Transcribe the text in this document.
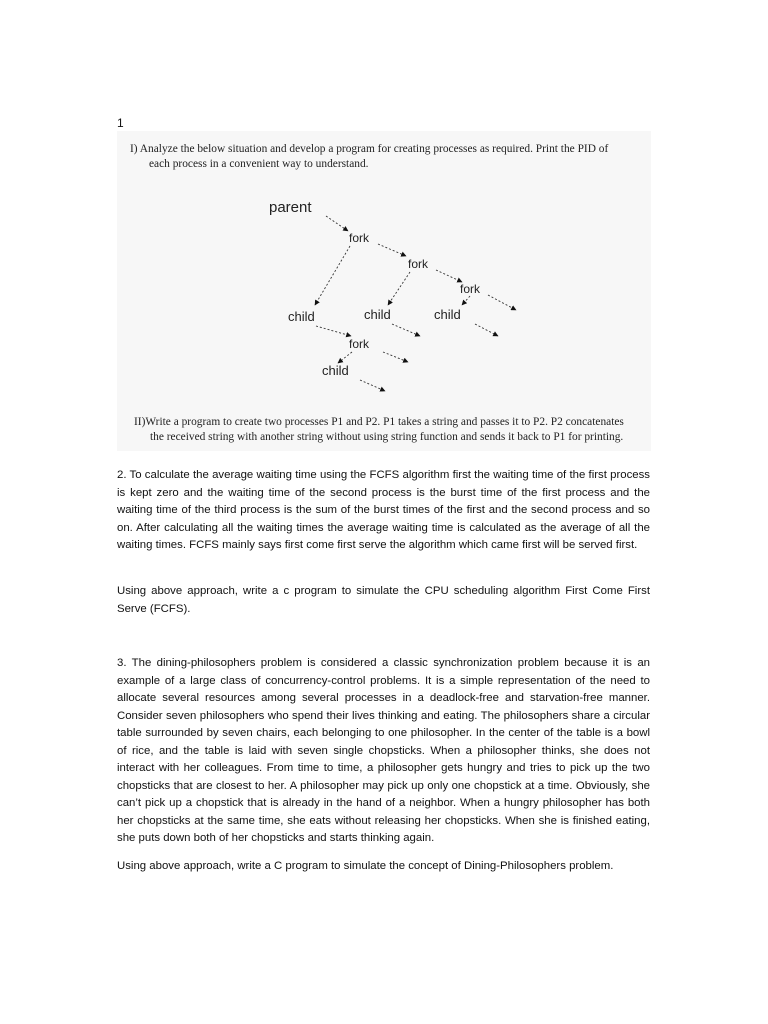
1
I) Analyze the below situation and develop a program for creating processes as required. Print the PID of
each process in a convenient way to understand.
parent
fork
fork
fork
child	child	child
fork
child
II)Write a program to create two processes P1 and P2. P1 takes a string and passes it to P2. P2 concatenates
the received string with another string without using string function and sends it back to P1 for printing.

2. To calculate the average waiting time using the FCFS algorithm first the waiting time of the first process is kept zero and the waiting time of the second process is the burst time of the first process and the waiting time of the third process is the sum of the burst times of the first and the second process and so on. After calculating all the waiting times the average waiting time is calculated as the average of all the waiting times. FCFS mainly says first come first serve the algorithm which came first will be served first.

Using above approach, write a c program to simulate the CPU scheduling algorithm First Come First Serve (FCFS).

3. The dining-philosophers problem is considered a classic synchronization problem because it is an example of a large class of concurrency-control problems. It is a simple representation of the need to allocate several resources among several processes in a deadlock-free and starvation-free manner. Consider seven philosophers who spend their lives thinking and eating. The philosophers share a circular table surrounded by seven chairs, each belonging to one philosopher. In the center of the table is a bowl of rice, and the table is laid with seven single chopsticks. When a philosopher thinks, she does not interact with her colleagues. From time to time, a philosopher gets hungry and tries to pick up the two chopsticks that are closest to her. A philosopher may pick up only one chopstick at a time. Obviously, she can’t pick up a chopstick that is already in the hand of a neighbor. When a hungry philosopher has both her chopsticks at the same time, she eats without releasing her chopsticks. When she is finished eating, she puts down both of her chopsticks and starts thinking again.

Using above approach, write a C program to simulate the concept of Dining-Philosophers problem.
